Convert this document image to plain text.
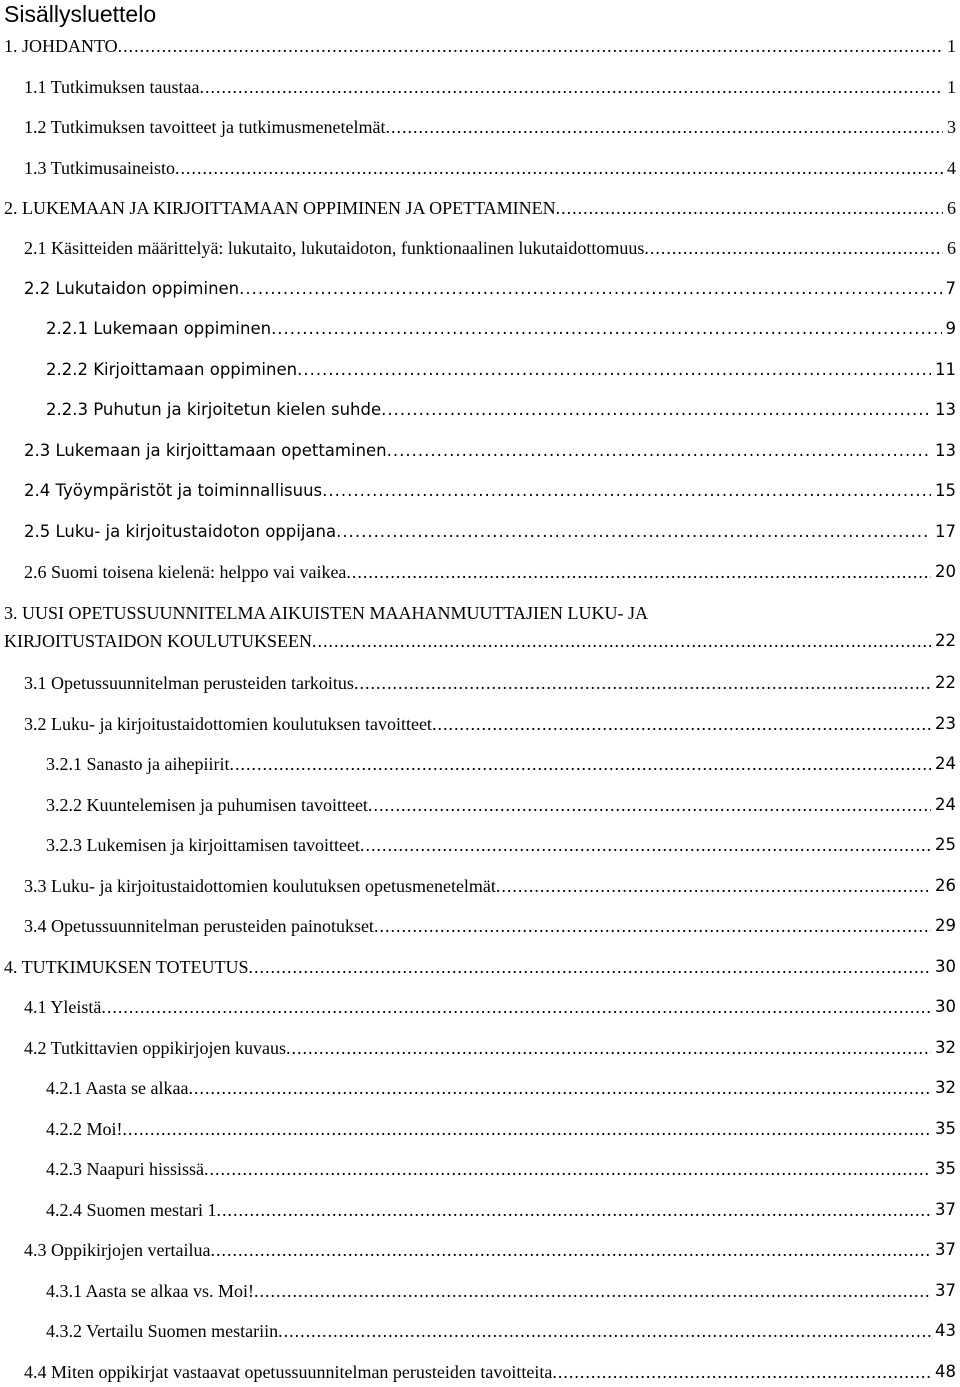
Sisällysluettelo
1. JOHDANTO .....	1
1.1 Tutkimuksen taustaa .....	1
1.2 Tutkimuksen tavoitteet ja tutkimusmenetelmät .....	3
1.3 Tutkimusaineisto .....	4
2. LUKEMAAN JA KIRJOITTAMAAN OPPIMINEN JA OPETTAMINEN .....	6
2.1 Käsitteiden määrittelyä: lukutaito, lukutaidoton, funktionaalinen lukutaidottomuus .....	6
2.2 Lukutaidon oppiminen .....	7
2.2.1 Lukemaan oppiminen .....	9
2.2.2 Kirjoittamaan oppiminen .....	11
2.2.3 Puhutun ja kirjoitetun kielen suhde .....	13
2.3 Lukemaan ja kirjoittamaan opettaminen .....	13
2.4 Työympäristöt ja toiminnallisuus .....	15
2.5 Luku- ja kirjoitustaidoton oppijana .....	17
2.6 Suomi toisena kielenä: helppo vai vaikea .....	20
3. UUSI OPETUSSUUNNITELMA AIKUISTEN MAAHANMUUTTAJIEN LUKU- JA
KIRJOITUSTAIDON KOULUTUKSEEN .....	22
3.1 Opetussuunnitelman perusteiden tarkoitus .....	22
3.2 Luku- ja kirjoitustaidottomien koulutuksen tavoitteet .....	23
3.2.1 Sanasto ja aihepiirit .....	24
3.2.2 Kuuntelemisen ja puhumisen tavoitteet .....	24
3.2.3 Lukemisen ja kirjoittamisen tavoitteet .....	25
3.3 Luku- ja kirjoitustaidottomien koulutuksen opetusmenetelmät .....	26
3.4 Opetussuunnitelman perusteiden painotukset .....	29
4. TUTKIMUKSEN TOTEUTUS .....	30
4.1 Yleistä .....	30
4.2 Tutkittavien oppikirjojen kuvaus .....	32
4.2.1 Aasta se alkaa .....	32
4.2.2 Moi! .....	35
4.2.3 Naapuri hississä .....	35
4.2.4 Suomen mestari 1 .....	37
4.3 Oppikirjojen vertailua .....	37
4.3.1 Aasta se alkaa vs. Moi! .....	37
4.3.2 Vertailu Suomen mestariin .....	43
4.4 Miten oppikirjat vastaavat opetussuunnitelman perusteiden tavoitteita .....	48
